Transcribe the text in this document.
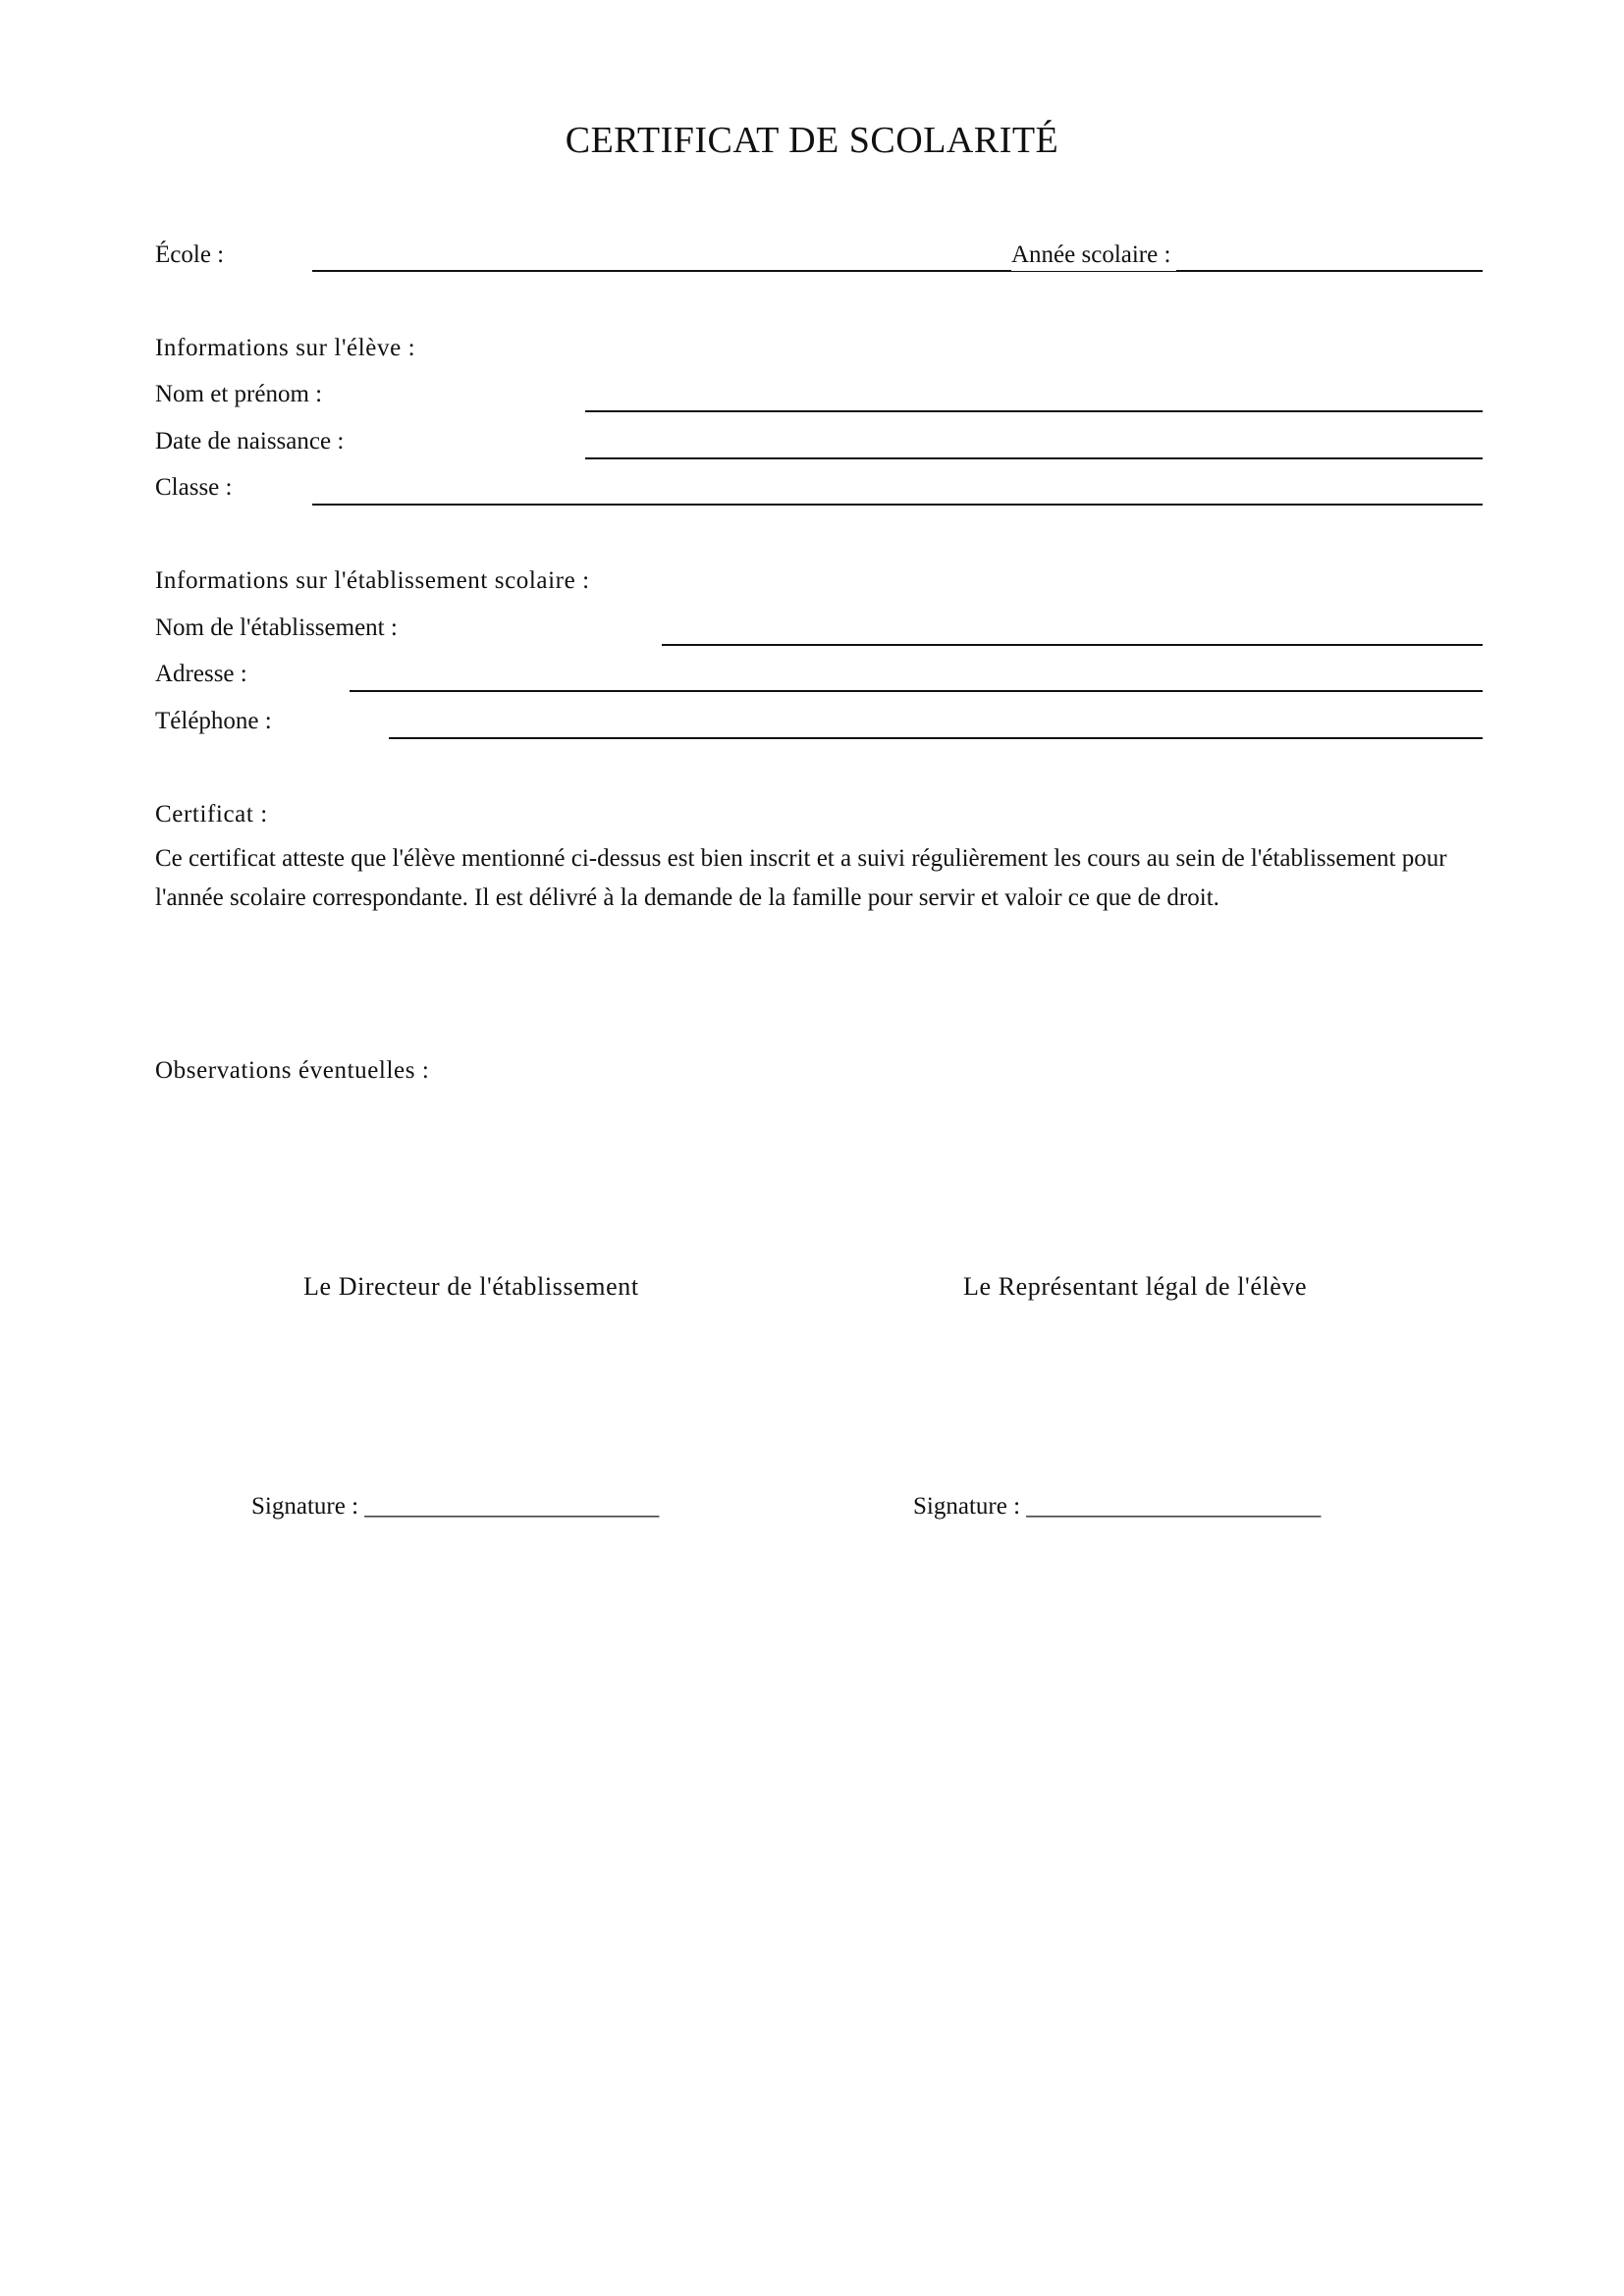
CERTIFICAT DE SCOLARITÉ
École :	Année scolaire :
Informations sur l'élève :
Nom et prénom :
Date de naissance :
Classe :
Informations sur l'établissement scolaire :
Nom de l'établissement :
Adresse :
Téléphone :
Certificat :
Ce certificat atteste que l'élève mentionné ci-dessus est bien inscrit et a suivi régulièrement les cours au sein de l'établissement pour l'année scolaire correspondante. Il est délivré à la demande de la famille pour servir et valoir ce que de droit.
Observations éventuelles :
Le Directeur de l'établissement	Le Représentant légal de l'élève
Signature : ________________________	Signature : ________________________
